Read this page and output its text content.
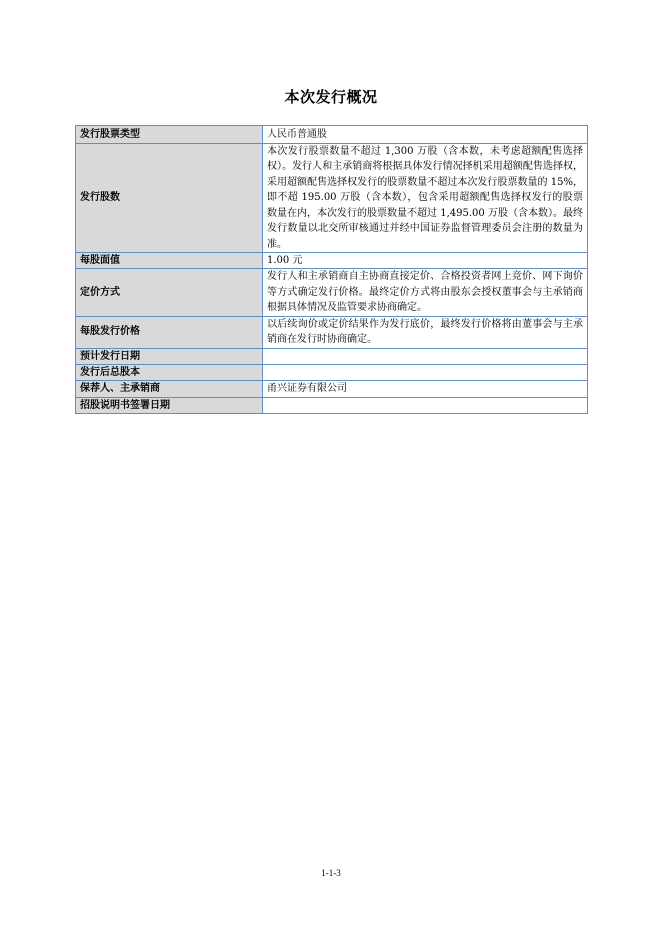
本次发行概况
发行股票类型	人民币普通股
发行股数	本次发行股票数量不超过 1,300 万股（含本数，未考虑超额配售选择权）。发行人和主承销商将根据具体发行情况择机采用超额配售选择权，采用超额配售选择权发行的股票数量不超过本次发行股票数量的 15%，即不超 195.00 万股（含本数），包含采用超额配售选择权发行的股票数量在内，本次发行的股票数量不超过 1,495.00 万股（含本数）。最终发行数量以北交所审核通过并经中国证券监督管理委员会注册的数量为准。
每股面值	1.00 元
定价方式	发行人和主承销商自主协商直接定价、合格投资者网上竞价、网下询价等方式确定发行价格。最终定价方式将由股东会授权董事会与主承销商根据具体情况及监管要求协商确定。
每股发行价格	以后续询价或定价结果作为发行底价，最终发行价格将由董事会与主承销商在发行时协商确定。
预计发行日期	
发行后总股本	
保荐人、主承销商	甬兴证券有限公司
招股说明书签署日期	
1-1-3
